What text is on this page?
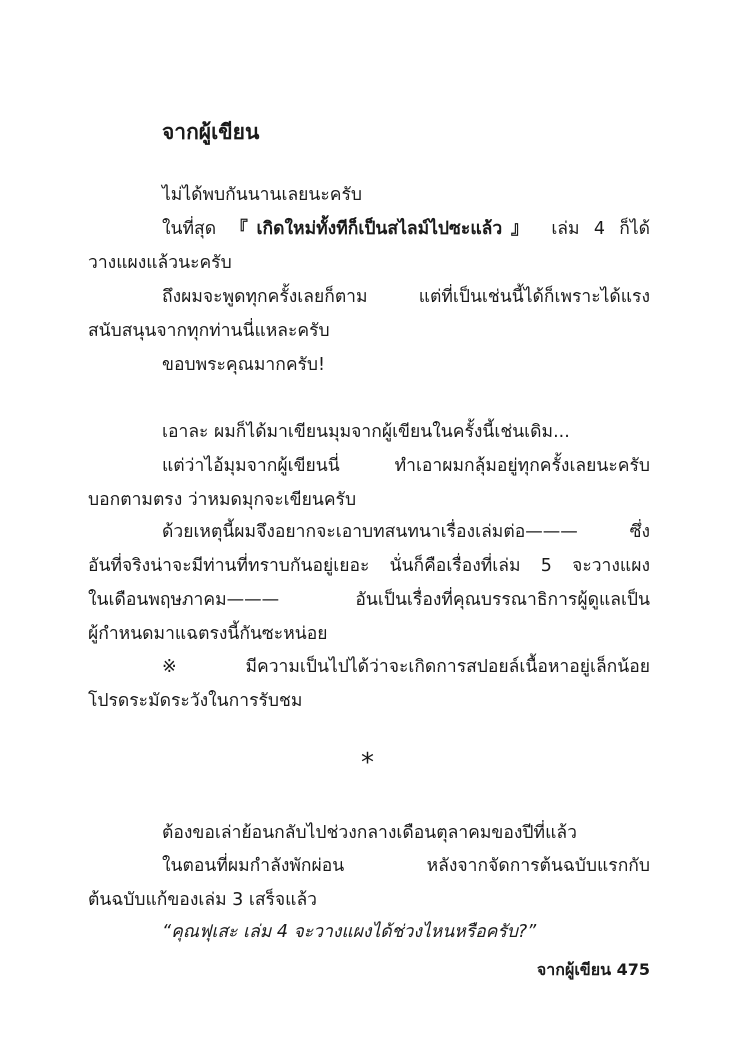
จากผู้เขียน
ไม่ได้พบกันนานเลยนะครับ
ในที่สุด 『เกิดใหม่ทั้งทีก็เป็นสไลม์ไปซะแล้ว』 เล่ม 4 ก็ได้
วางแผงแล้วนะครับ
ถึงผมจะพูดทุกครั้งเลยก็ตาม แต่ที่เป็นเช่นนี้ได้ก็เพราะได้แรง
สนับสนุนจากทุกท่านนี่แหละครับ
ขอบพระคุณมากครับ!
เอาละ ผมก็ได้มาเขียนมุมจากผู้เขียนในครั้งนี้เช่นเดิม...
แต่ว่าไอ้มุมจากผู้เขียนนี่ ทำเอาผมกลุ้มอยู่ทุกครั้งเลยนะครับ
บอกตามตรง ว่าหมดมุกจะเขียนครับ
ด้วยเหตุนี้ผมจึงอยากจะเอาบทสนทนาเรื่องเล่มต่อ——— ซึ่ง
อันที่จริงน่าจะมีท่านที่ทราบกันอยู่เยอะ นั่นก็คือเรื่องที่เล่ม 5 จะวางแผง
ในเดือนพฤษภาคม——— อันเป็นเรื่องที่คุณบรรณาธิการผู้ดูแลเป็น
ผู้กำหนดมาแฉตรงนี้กันซะหน่อย
※มีความเป็นไปได้ว่าจะเกิดการสปอยล์เนื้อหาอยู่เล็กน้อย
โปรดระมัดระวังในการรับชม
*
ต้องขอเล่าย้อนกลับไปช่วงกลางเดือนตุลาคมของปีที่แล้ว
ในตอนที่ผมกำลังพักผ่อน หลังจากจัดการต้นฉบับแรกกับ
ต้นฉบับแก้ของเล่ม 3 เสร็จแล้ว
“คุณฟุเสะ เล่ม 4 จะวางแผงได้ช่วงไหนหรือครับ?”
จากผู้เขียน 475
